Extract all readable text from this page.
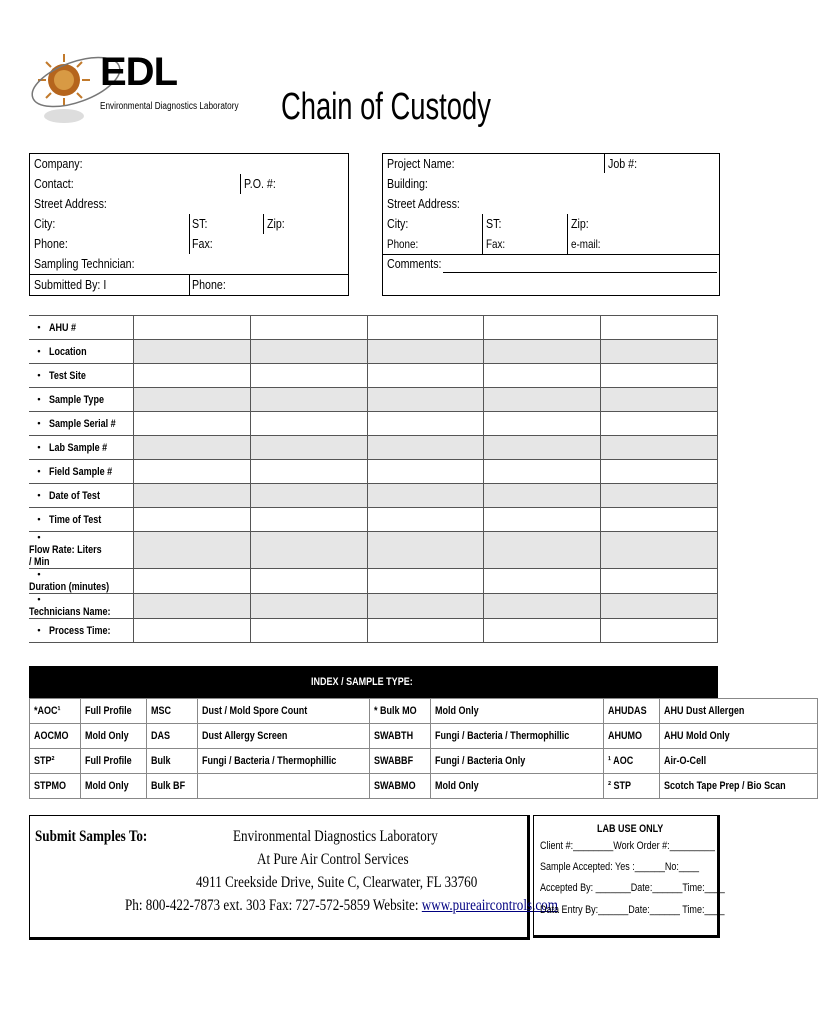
EDL
Environmental Diagnostics Laboratory	Chain of Custody
Company:
Contact:	P.O. #:
Street Address:
City:	ST:	Zip:
Phone:	Fax:
Sampling Technician:
Submitted By: I	Phone:
Project Name:	Job #:
Building:
Street Address:
City:	ST:	Zip:
Phone:	Fax:	e-mail:
Comments:
• AHU #					
• Location					
• Test Site					
• Sample Type					
• Sample Serial #					
• Lab Sample #					
• Field Sample #					
• Date of Test					
• Time of Test					
•Flow Rate: Liters / Min					
•Duration (minutes)					
•Technicians Name:					
• Process Time:					
INDEX / SAMPLE TYPE:
*AOC¹	Full Profile	MSC	Dust / Mold Spore Count	* Bulk MO	Mold Only	AHUDAS	AHU Dust Allergen
AOCMO	Mold Only	DAS	Dust Allergy Screen	SWABTH	Fungi / Bacteria / Thermophillic	AHUMO	AHU Mold Only
STP²	Full Profile	Bulk	Fungi / Bacteria / Thermophillic	SWABBF	Fungi / Bacteria Only	¹ AOC	Air-O-Cell
STPMO	Mold Only	Bulk BF		SWABMO	Mold Only	² STP	Scotch Tape Prep / Bio Scan
Submit Samples To:	Environmental Diagnostics Laboratory
At Pure Air Control Services
4911 Creekside Drive, Suite C, Clearwater, FL 33760
Ph: 800-422-7873 ext. 303 Fax: 727-572-5859 Website: www.pureaircontrols.com
LAB USE ONLY
Client #:________Work Order #:_________
Sample Accepted: Yes :______No:____
Accepted By: _______Date:______Time:____
Data Entry By:______Date:______ Time:____
